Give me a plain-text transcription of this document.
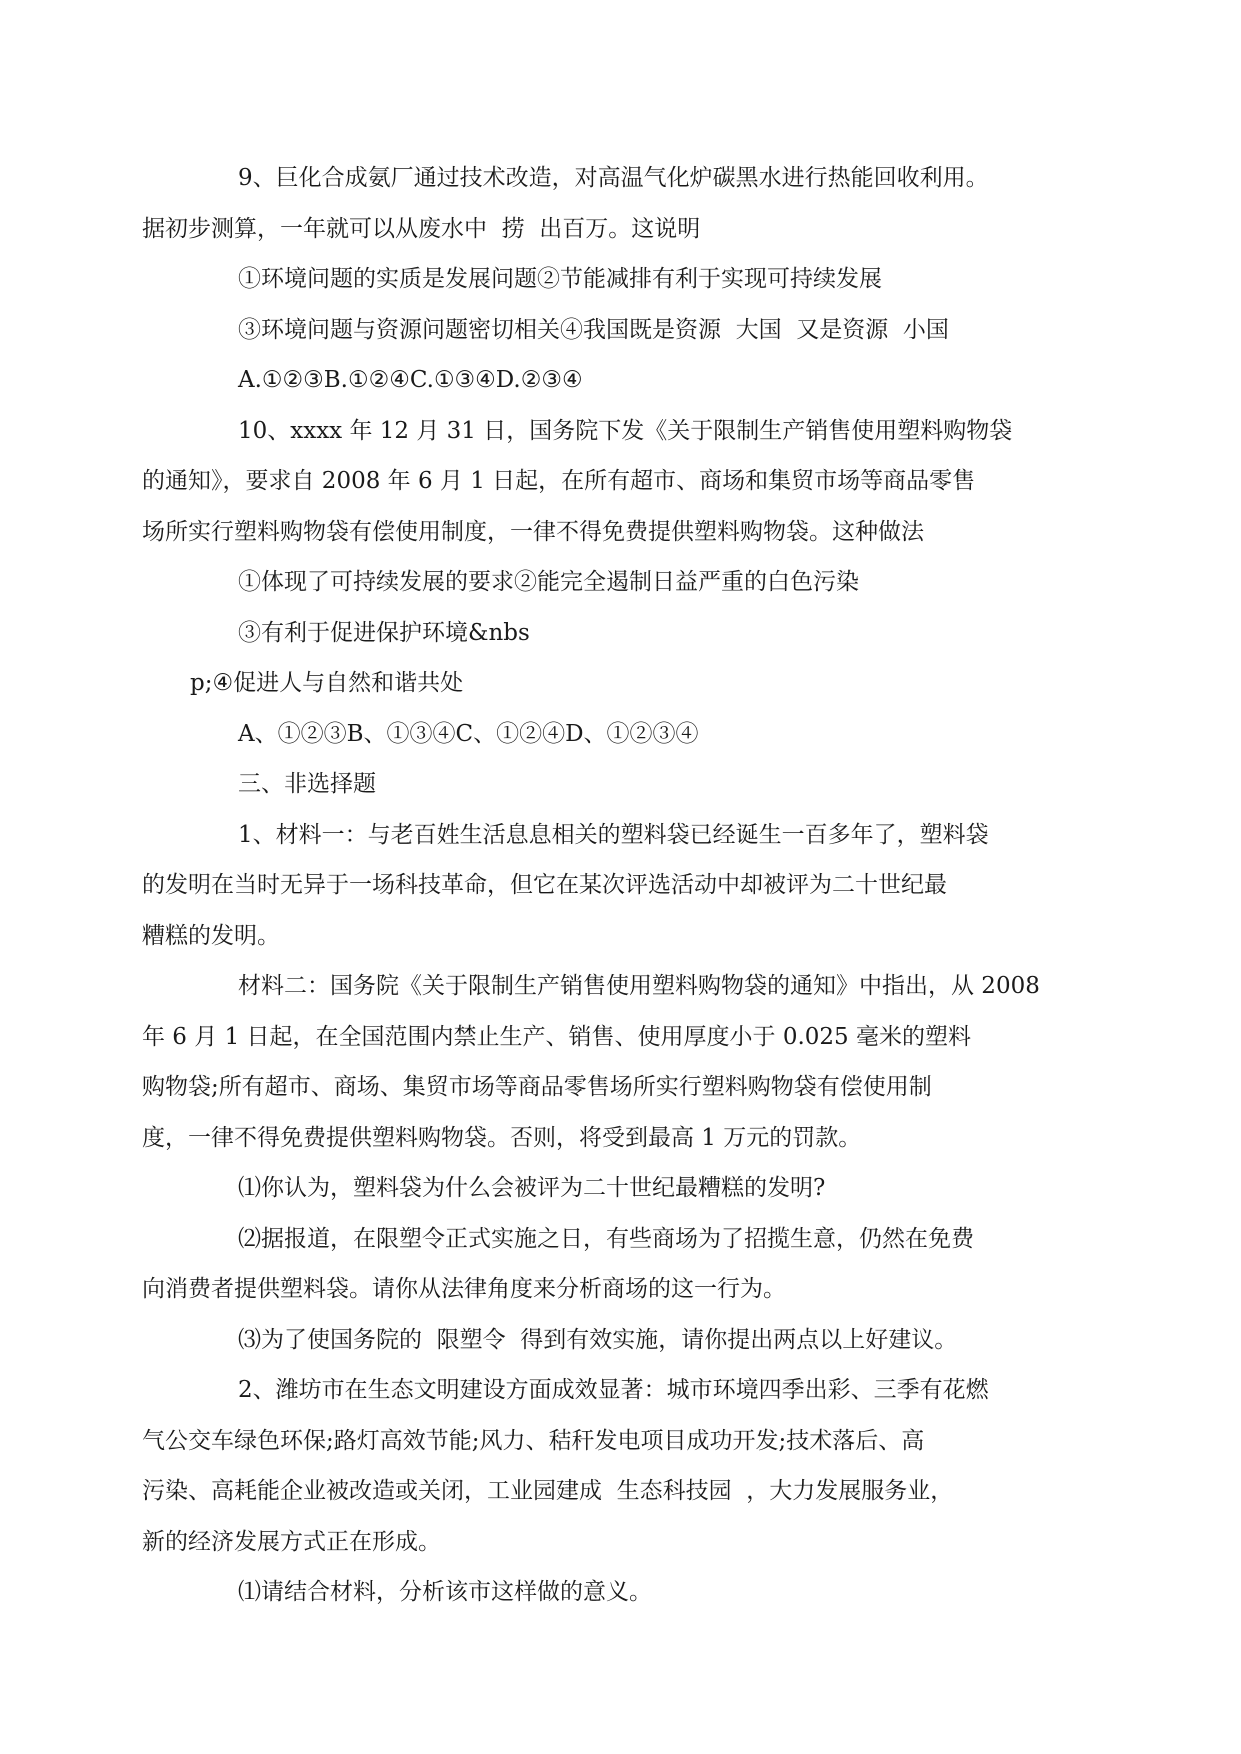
9、巨化合成氨厂通过技术改造，对高温气化炉碳黑水进行热能回收利用。
据初步测算，一年就可以从废水中  捞  出百万。这说明
①环境问题的实质是发展问题②节能减排有利于实现可持续发展
③环境问题与资源问题密切相关④我国既是资源  大国  又是资源  小国
A.①②③B.①②④C.①③④D.②③④
10、xxxx 年 12 月 31 日，国务院下发《关于限制生产销售使用塑料购物袋
的通知》，要求自 2008 年 6 月 1 日起，在所有超市、商场和集贸市场等商品零售
场所实行塑料购物袋有偿使用制度，一律不得免费提供塑料购物袋。这种做法
①体现了可持续发展的要求②能完全遏制日益严重的白色污染
③有利于促进保护环境&nbs
p;④促进人与自然和谐共处
A、①②③B、①③④C、①②④D、①②③④
三、非选择题
1、材料一：与老百姓生活息息相关的塑料袋已经诞生一百多年了，塑料袋
的发明在当时无异于一场科技革命，但它在某次评选活动中却被评为二十世纪最
糟糕的发明。
材料二：国务院《关于限制生产销售使用塑料购物袋的通知》中指出，从 2008
年 6 月 1 日起，在全国范围内禁止生产、销售、使用厚度小于 0.025 毫米的塑料
购物袋;所有超市、商场、集贸市场等商品零售场所实行塑料购物袋有偿使用制
度，一律不得免费提供塑料购物袋。否则，将受到最高 1 万元的罚款。
⑴你认为，塑料袋为什么会被评为二十世纪最糟糕的发明?
⑵据报道，在限塑令正式实施之日，有些商场为了招揽生意，仍然在免费
向消费者提供塑料袋。请你从法律角度来分析商场的这一行为。
⑶为了使国务院的  限塑令  得到有效实施，请你提出两点以上好建议。
2、潍坊市在生态文明建设方面成效显著：城市环境四季出彩、三季有花燃
气公交车绿色环保;路灯高效节能;风力、秸秆发电项目成功开发;技术落后、高
污染、高耗能企业被改造或关闭，工业园建成  生态科技园  ，大力发展服务业，
新的经济发展方式正在形成。
⑴请结合材料，分析该市这样做的意义。
